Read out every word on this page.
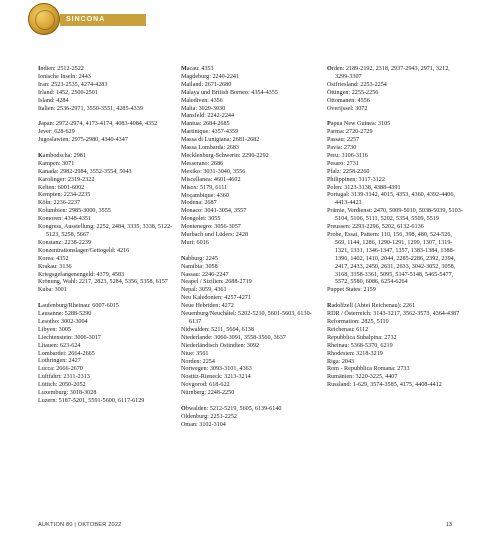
SINCONA
Indien: 2512-2522
Ionische Inseln: 2443
Iran: 2523-2535, 4274-4283
Irland: 1452, 2500-2501
Island: 4284
Italien: 2536-2971, 3550-3551, 4285-4339
Japan: 2972-2974, 4173-4174, 4083-4084, 4352
Jever: 628-629
Jugoslawien: 2975-2980, 4340-4347
Kambodscha: 2981
Kampen: 3071
Kanada: 2982-2984, 3552-3554, 5043
Karolinger: 2319-2322
Kelten: 6001-6002
Kempten: 2234-2235
Köln: 2236-2237
Kolumbien: 2985-3000, 3555
Komoren: 4348-4351
Kongress, Ausstellung: 2252, 2484, 3335, 3338, 5122-5123, 5258, 5667
Konstanz: 2238-2239
Konzentrationslager/Gettogeld: 4216
Korea: 4352
Krakau: 3136
Kriegsgefangenengeld: 4379, 4583
Krönung, Wahl: 2217, 2823, 5284, 5356, 5358, 6157
Kuba: 3001
Laufenburg/Rheinau: 6007-6015
Lausanne: 5288-5290
Lesotho: 3002-3004
Libyen: 3005
Liechtenstein: 3006-3017
Litauen: 623-624
Lombardei: 2664-2665
Lothringen: 2427
Lucca: 2666-2670
Luftfahrt: 2311-2313
Lüttich: 2050-2052
Luxemburg: 3018-3028
Luzern: 5187-5201, 5591-5600, 6117-6129
Macau: 4353
Magdeburg: 2240-2241
Mailand: 2671-2680
Malaya und British Borneo: 4354-4355
Malediven: 4356
Malta: 3029-3030
Mansfeld: 2242-2244
Mantua: 2684-2685
Martinique: 4357-4359
Massa di Lunigiana: 2681-2682
Massa Lombarda: 2683
Mecklenburg-Schwerin: 2290-2292
Messerano: 2686
Mexiko: 3031-3040, 3556
Miscellanea: 4601-4602
Misox: 5179, 6111
Moçambique: 4360
Modena: 2687
Monaco: 3041-3054, 3557
Mongolei: 3055
Montenegro: 3056-3057
Murbach und Lüders: 2428
Muri: 6016
Nabburg: 2245
Namibia: 3058
Nassau: 2246-2247
Neapel / Sizilien: 2688-2719
Nepal: 3059, 4361
Neu Kaledonien: 4257-4271
Neue Hebriden: 4272
Neuenburg/Neuchâtel: 5202-5210, 5601-5603, 6130-6137
Nidwalden: 5211, 5604, 6138
Niederlande: 3060-3091, 3558-3560, 3637
Niederländisch Ostindien: 3092
Niue: 3561
Norden: 2254
Norwegen: 3093-3101, 4363
Nostitz-Rieneck: 3213-3214
Novgorod: 618-622
Nürnberg: 2248-2250
Obwalden: 5212-5219, 5605, 6139-6140
Oldenburg: 2251-2252
Oman: 3102-3104
Orden: 2189-2192, 2318, 2937-2943, 2971, 3212, 3299-3307
Ostfriesland: 2253-2254
Öttingen: 2255-2256
Ottomanen: 4556
Overijssel: 3072
Papua New Guinea: 3105
Parma: 2720-2729
Passau: 2257
Pavia: 2730
Peru: 3106-3116
Pesaro: 2731
Pfalz: 2258-2260
Philippinen: 3117-3122
Polen: 3123-3138, 4388-4391
Portugal: 3139-3142, 4015, 4353, 4360, 4392-4406, 4413-4423
Prämie, Verdienst: 2470, 5009-5010, 5038-5039, 5103-5104, 5106, 5111, 5202, 5354, 5509, 5519
Preussen: 2293-2296, 5202, 6132-6136
Probe, Essai, Pattern: 110, 156, 398, 480, 524-526, 569, 1144, 1286, 1290-1291, 1299, 1307, 1319-1321, 1331, 1346-1347, 1357, 1383-1384, 1388-1396, 1402, 1410, 2044, 2285-2286, 2392, 2394, 2417, 2433, 2450, 2631, 2633, 3042-3052, 3058, 3168, 3358-3361, 5095, 5147-5148, 5465-5477, 5572, 5580, 6086, 6254-6264
Puppet States: 2159
Radolfzell (Abtei Reichenau): 2261
RDR / Österreich: 3143-3217, 3562-3573, 4364-4387
Reformation: 2825, 5110
Reichenau: 6112
Repubblica Subalpina: 2732
Rheinau: 5368-5370, 6219
Rhodesien: 3218-3219
Riga: 2043
Rom - Repubblica Romana: 2733
Rumänien: 3220-3225, 4407
Russland: 1-629, 3574-3585, 4175, 4408-4412
AUKTION 80 | OKTOBER 2022	13
